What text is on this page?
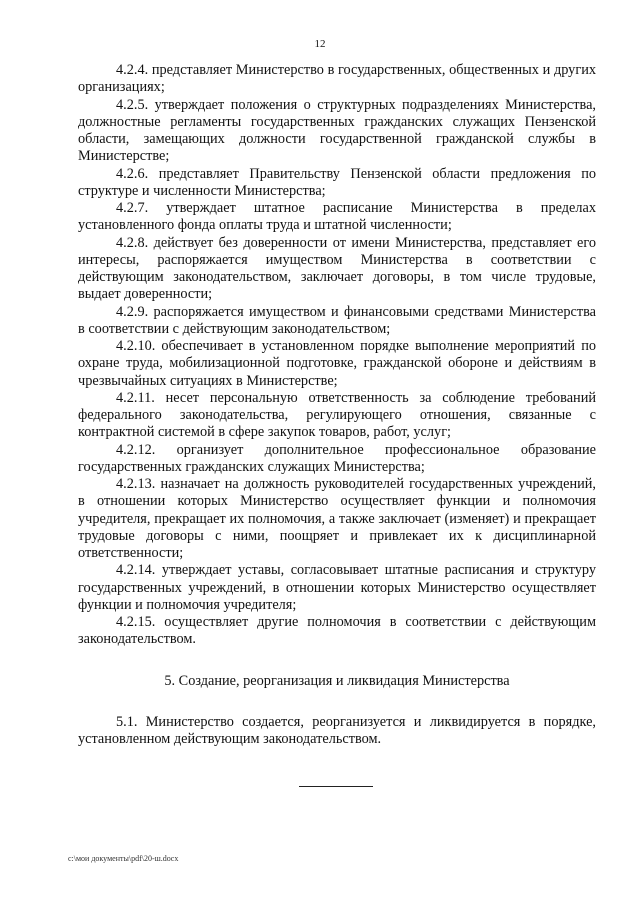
12

4.2.4. представляет Министерство в государственных, общественных и других организациях;

4.2.5. утверждает положения о структурных подразделениях Министерства, должностные регламенты государственных гражданских служащих Пензенской области, замещающих должности государственной гражданской службы в Министерстве;

4.2.6. представляет Правительству Пензенской области предложения по структуре и численности Министерства;

4.2.7. утверждает штатное расписание Министерства в пределах установленного фонда оплаты труда и штатной численности;

4.2.8. действует без доверенности от имени Министерства, представляет его интересы, распоряжается имуществом Министерства в соответствии с действующим законодательством, заключает договоры, в том числе трудовые, выдает доверенности;

4.2.9. распоряжается имуществом и финансовыми средствами Министерства в соответствии с действующим законодательством;

4.2.10. обеспечивает в установленном порядке выполнение мероприятий по охране труда, мобилизационной подготовке, гражданской обороне и действиям в чрезвычайных ситуациях в Министерстве;

4.2.11. несет персональную ответственность за соблюдение требований федерального законодательства, регулирующего отношения, связанные с контрактной системой в сфере закупок товаров, работ, услуг;

4.2.12. организует дополнительное профессиональное образование государственных гражданских служащих Министерства;

4.2.13. назначает на должность руководителей государственных учреждений, в отношении которых Министерство осуществляет функции и полномочия учредителя, прекращает их полномочия, а также заключает (изменяет) и прекращает трудовые договоры с ними, поощряет и привлекает их к дисциплинарной ответственности;

4.2.14. утверждает уставы, согласовывает штатные расписания и структуру государственных учреждений, в отношении которых Министерство осуществляет функции и полномочия учредителя;

4.2.15. осуществляет другие полномочия в соответствии с действующим законодательством.

5. Создание, реорганизация и ликвидация Министерства

5.1. Министерство создается, реорганизуется и ликвидируется в порядке, установленном действующим законодательством.

c:\мои документы\pdf\20-ш.docx
